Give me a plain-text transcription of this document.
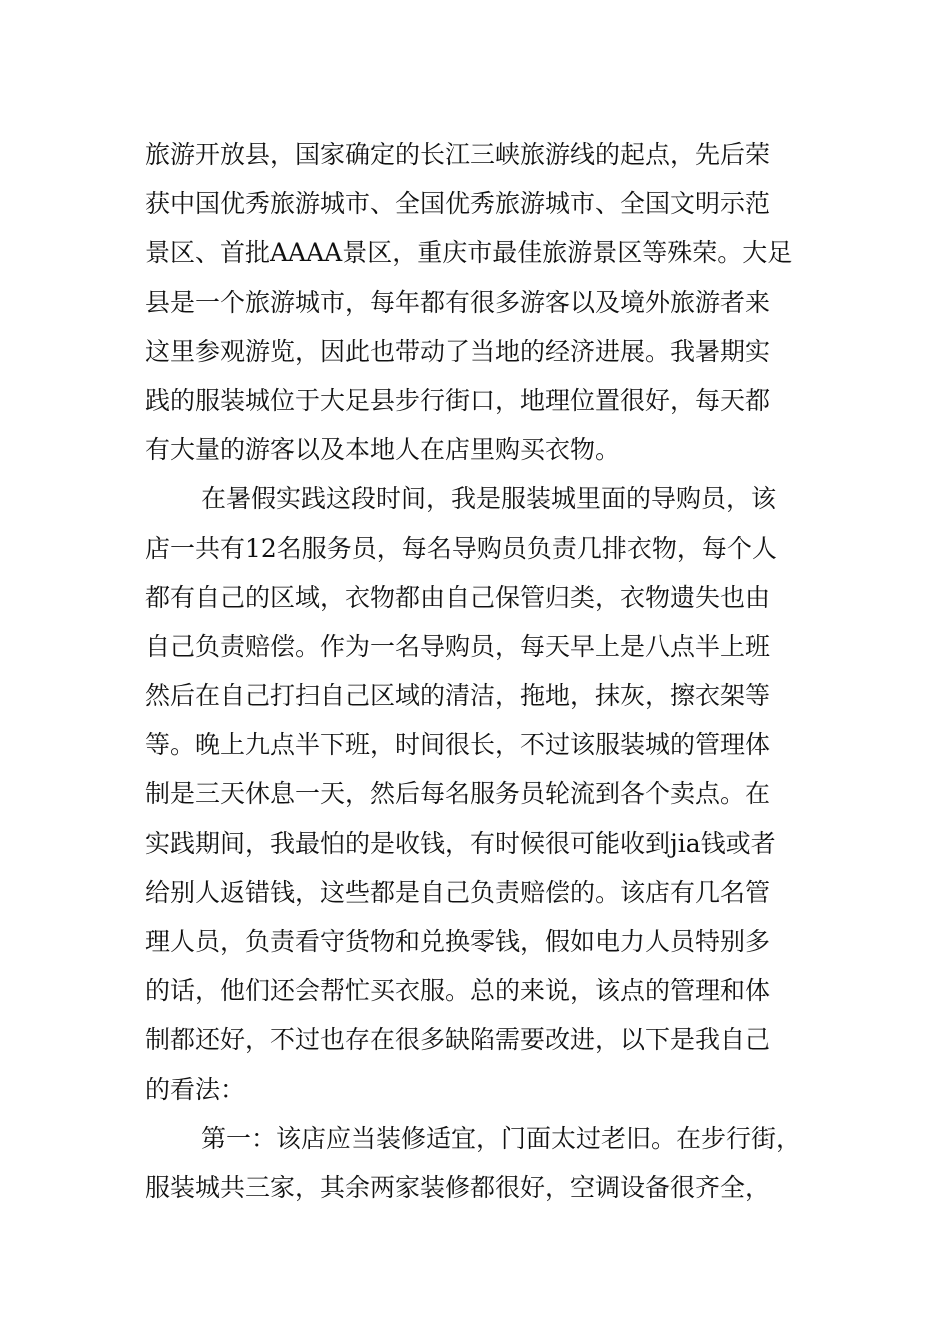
旅游开放县，国家确定的长江三峡旅游线的起点，先后荣
获中国优秀旅游城市、全国优秀旅游城市、全国文明示范
景区、首批AAAA景区，重庆市最佳旅游景区等殊荣。大足
县是一个旅游城市，每年都有很多游客以及境外旅游者来
这里参观游览，因此也带动了当地的经济进展。我暑期实
践的服装城位于大足县步行街口，地理位置很好，每天都
有大量的游客以及本地人在店里购买衣物。
在暑假实践这段时间，我是服装城里面的导购员，该
店一共有12名服务员，每名导购员负责几排衣物，每个人
都有自己的区域，衣物都由自己保管归类，衣物遗失也由
自己负责赔偿。作为一名导购员，每天早上是八点半上班
然后在自己打扫自己区域的清洁，拖地，抹灰，擦衣架等
等。晚上九点半下班，时间很长，不过该服装城的管理体
制是三天休息一天，然后每名服务员轮流到各个卖点。在
实践期间，我最怕的是收钱，有时候很可能收到jia钱或者
给别人返错钱，这些都是自己负责赔偿的。该店有几名管
理人员，负责看守货物和兑换零钱，假如电力人员特别多
的话，他们还会帮忙买衣服。总的来说，该点的管理和体
制都还好，不过也存在很多缺陷需要改进，以下是我自己
的看法：
第一：该店应当装修适宜，门面太过老旧。在步行街，
服装城共三家，其余两家装修都很好，空调设备很齐全，
